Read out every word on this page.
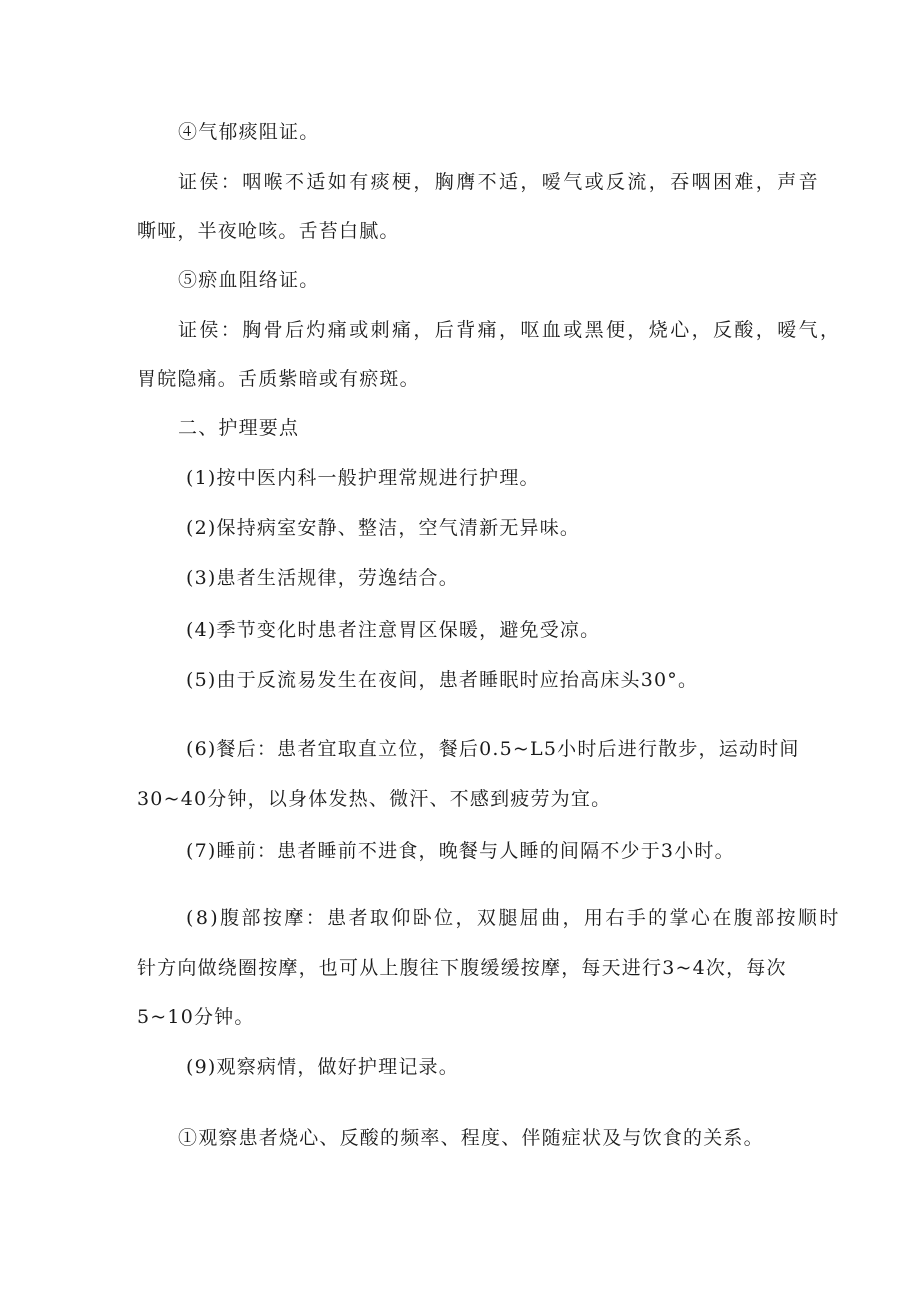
④气郁痰阻证。
证侯：咽喉不适如有痰梗，胸膺不适，嗳气或反流，吞咽困难，声音
嘶哑，半夜呛咳。舌苔白腻。
⑤瘀血阻络证。
证侯：胸骨后灼痛或刺痛，后背痛，呕血或黑便，烧心，反酸，嗳气，
胃皖隐痛。舌质紫暗或有瘀斑。
二、护理要点
(1)按中医内科一般护理常规进行护理。
(2)保持病室安静、整洁，空气清新无异味。
(3)患者生活规律，劳逸结合。
(4)季节变化时患者注意胃区保暖，避免受凉。
(5)由于反流易发生在夜间，患者睡眠时应抬高床头30°。
(6)餐后：患者宜取直立位，餐后0.5~L5小时后进行散步，运动时间
30~40分钟，以身体发热、微汗、不感到疲劳为宜。
(7)睡前：患者睡前不进食，晚餐与人睡的间隔不少于3小时。
(8)腹部按摩：患者取仰卧位，双腿屈曲，用右手的掌心在腹部按顺时
针方向做绕圈按摩，也可从上腹往下腹缓缓按摩，每天进行3~4次，每次
5~10分钟。
(9)观察病情，做好护理记录。
①观察患者烧心、反酸的频率、程度、伴随症状及与饮食的关系。
